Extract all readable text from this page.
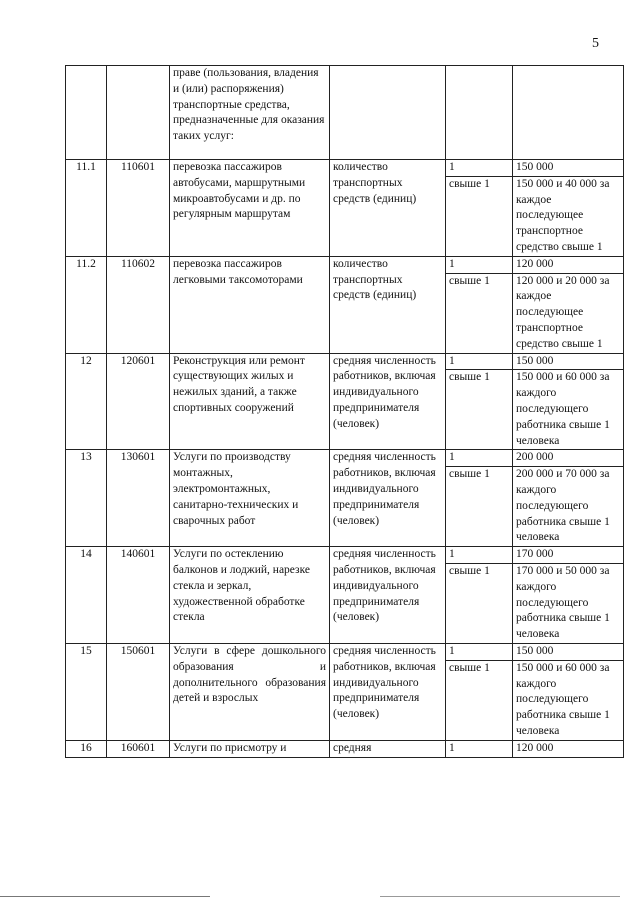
5
		праве (пользования, владения и (или) распоряжения) транспортные средства, предназначенные для оказания таких услуг:			
11.1	110601	перевозка пассажиров автобусами, маршрутными микроавтобусами и др. по регулярным маршрутам	количество транспортных средств (единиц)	1	150 000
				свыше 1	150 000 и 40 000 за каждое последующее транспортное средство свыше 1
11.2	110602	перевозка пассажиров легковыми таксомоторами	количество транспортных средств (единиц)	1	120 000
				свыше 1	120 000 и 20 000 за каждое последующее транспортное средство свыше 1
12	120601	Реконструкция или ремонт существующих жилых и нежилых зданий, а также спортивных сооружений	средняя численность работников, включая индивидуального предпринимателя (человек)	1	150 000
				свыше 1	150 000 и 60 000 за каждого последующего работника свыше 1 человека
13	130601	Услуги по производству монтажных, электромонтажных, санитарно-технических и сварочных работ	средняя численность работников, включая индивидуального предпринимателя (человек)	1	200 000
				свыше 1	200 000 и 70 000 за каждого последующего работника свыше 1 человека
14	140601	Услуги по остеклению балконов и лоджий, нарезке стекла и зеркал, художественной обработке стекла	средняя численность работников, включая индивидуального предпринимателя (человек)	1	170 000
				свыше 1	170 000 и 50 000 за каждого последующего работника свыше 1 человека
15	150601	Услуги в сфере дошкольного образования и дополнительного образования детей и взрослых	средняя численность работников, включая индивидуального предпринимателя (человек)	1	150 000
				свыше 1	150 000 и 60 000 за каждого последующего работника свыше 1 человека
16	160601	Услуги по присмотру и	средняя	1	120 000
